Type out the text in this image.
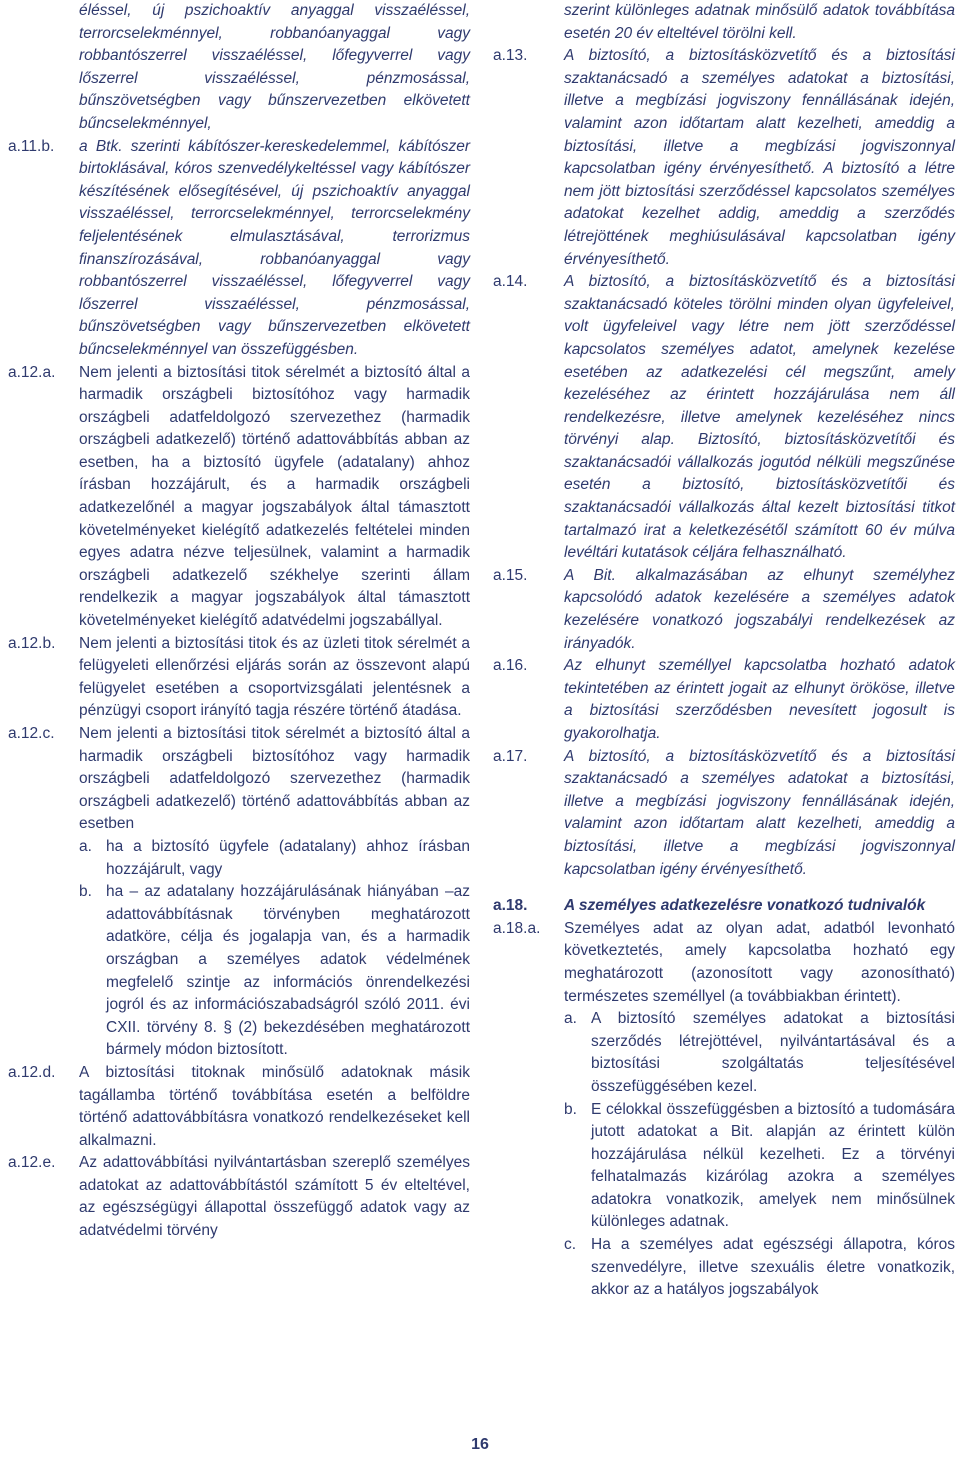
éléssel, új pszichoaktív anyaggal visszaéléssel, terrorcselekménnyel, robbanóanyaggal vagy robbantószerrel visszaéléssel, lőfegyverrel vagy lőszerrel visszaéléssel, pénzmosással, bűnszövetségben vagy bűnszervezetben elkövetett bűncselekménnyel,
a.11.b. a Btk. szerinti kábítószer-kereskedelemmel, kábítószer birtoklásával, kóros szenvedélykeltéssel vagy kábítószer készítésének elősegítésével, új pszichoaktív anyaggal visszaéléssel, terrorcselekménnyel, terrorcselekmény feljelentésének elmulasztásával, terrorizmus finanszírozásával, robbanóanyaggal vagy robbantószerrel visszaéléssel, lőfegyverrel vagy lőszerrel visszaéléssel, pénzmosással, bűnszövetségben vagy bűnszervezetben elkövetett bűncselekménnyel van összefüggésben.
a.12.a. Nem jelenti a biztosítási titok sérelmét a biztosító által a harmadik országbeli biztosítóhoz vagy harmadik országbeli adatfeldolgozó szervezethez (harmadik országbeli adatkezelő) történő adattovábbítás abban az esetben, ha a biztosító ügyfele (adatalany) ahhoz írásban hozzájárult, és a harmadik országbeli adatkezelőnél a magyar jogszabályok által támasztott követelményeket kielégítő adatkezelés feltételei minden egyes adatra nézve teljesülnek, valamint a harmadik országbeli adatkezelő székhelye szerinti állam rendelkezik a magyar jogszabályok által támasztott követelményeket kielégítő adatvédelmi jogszabállyal.
a.12.b. Nem jelenti a biztosítási titok és az üzleti titok sérelmét a felügyeleti ellenőrzési eljárás során az összevont alapú felügyelet esetében a csoportvizsgálati jelentésnek a pénzügyi csoport irányító tagja részére történő átadása.
a.12.c. Nem jelenti a biztosítási titok sérelmét a biztosító által a harmadik országbeli biztosítóhoz vagy harmadik országbeli adatfeldolgozó szervezethez (harmadik országbeli adatkezelő) történő adattovábbítás abban az esetben
a. ha a biztosító ügyfele (adatalany) ahhoz írásban hozzájárult, vagy
b. ha – az adatalany hozzájárulásának hiányában –az adattovábbításnak törvényben meghatározott adatköre, célja és jogalapja van, és a harmadik országban a személyes adatok védelmének megfelelő szintje az információs önrendelkezési jogról és az információszabadságról szóló 2011. évi CXII. törvény 8. § (2) bekezdésében meghatározott bármely módon biztosított.
a.12.d. A biztosítási titoknak minősülő adatoknak másik tagállamba történő továbbítása esetén a belföldre történő adattovábbításra vonatkozó rendelkezéseket kell alkalmazni.
a.12.e. Az adattovábbítási nyilvántartásban szereplő személyes adatokat az adattovábbítástól számított 5 év elteltével, az egészségügyi állapottal összefüggő adatok vagy az adatvédelmi törvény
szerint különleges adatnak minősülő adatok továbbítása esetén 20 év elteltével törölni kell.
a.13. A biztosító, a biztosításközvetítő és a biztosítási szaktanácsadó a személyes adatokat a biztosítási, illetve a megbízási jogviszony fennállásának idején, valamint azon időtartam alatt kezelheti, ameddig a biztosítási, illetve a megbízási jogviszonnyal kapcsolatban igény érvényesíthető. A biztosító a létre nem jött biztosítási szerződéssel kapcsolatos személyes adatokat kezelhet addig, ameddig a szerződés létrejöttének meghiúsulásával kapcsolatban igény érvényesíthető.
a.14. A biztosító, a biztosításközvetítő és a biztosítási szaktanácsadó köteles törölni minden olyan ügyfeleivel, volt ügyfeleivel vagy létre nem jött szerződéssel kapcsolatos személyes adatot, amelynek kezelése esetében az adatkezelési cél megszűnt, amely kezeléséhez az érintett hozzájárulása nem áll rendelkezésre, illetve amelynek kezeléséhez nincs törvényi alap. Biztosító, biztosításközvetítői és szaktanácsadói vállalkozás jogutód nélküli megszűnése esetén a biztosító, biztosításközvetítői és szaktanácsadói vállalkozás által kezelt biztosítási titkot tartalmazó irat a keletkezésétől számított 60 év múlva levéltári kutatások céljára felhasználható.
a.15. A Bit. alkalmazásában az elhunyt személyhez kapcsolódó adatok kezelésére a személyes adatok kezelésére vonatkozó jogszabályi rendelkezések az irányadók.
a.16. Az elhunyt személlyel kapcsolatba hozható adatok tekintetében az érintett jogait az elhunyt örököse, illetve a biztosítási szerződésben nevesített jogosult is gyakorolhatja.
a.17. A biztosító, a biztosításközvetítő és a biztosítási szaktanácsadó a személyes adatokat a biztosítási, illetve a megbízási jogviszony fennállásának idején, valamint azon időtartam alatt kezelheti, ameddig a biztosítási, illetve a megbízási jogviszonnyal kapcsolatban igény érvényesíthető.
a.18. A személyes adatkezelésre vonatkozó tudnivalók
a.18.a. Személyes adat az olyan adat, adatból levonható következtetés, amely kapcsolatba hozható egy meghatározott (azonosított vagy azonosítható) természetes személlyel (a továbbiakban érintett).
a. A biztosító személyes adatokat a biztosítási szerződés létrejöttével, nyilvántartásával és a biztosítási szolgáltatás teljesítésével összefüggésében kezel.
b. E célokkal összefüggésben a biztosító a tudomására jutott adatokat a Bit. alapján az érintett külön hozzájárulása nélkül kezelheti. Ez a törvényi felhatalmazás kizárólag azokra a személyes adatokra vonatkozik, amelyek nem minősülnek különleges adatnak.
c. Ha a személyes adat egészségi állapotra, kóros szenvedélyre, illetve szexuális életre vonatkozik, akkor az a hatályos jogszabályok
16
